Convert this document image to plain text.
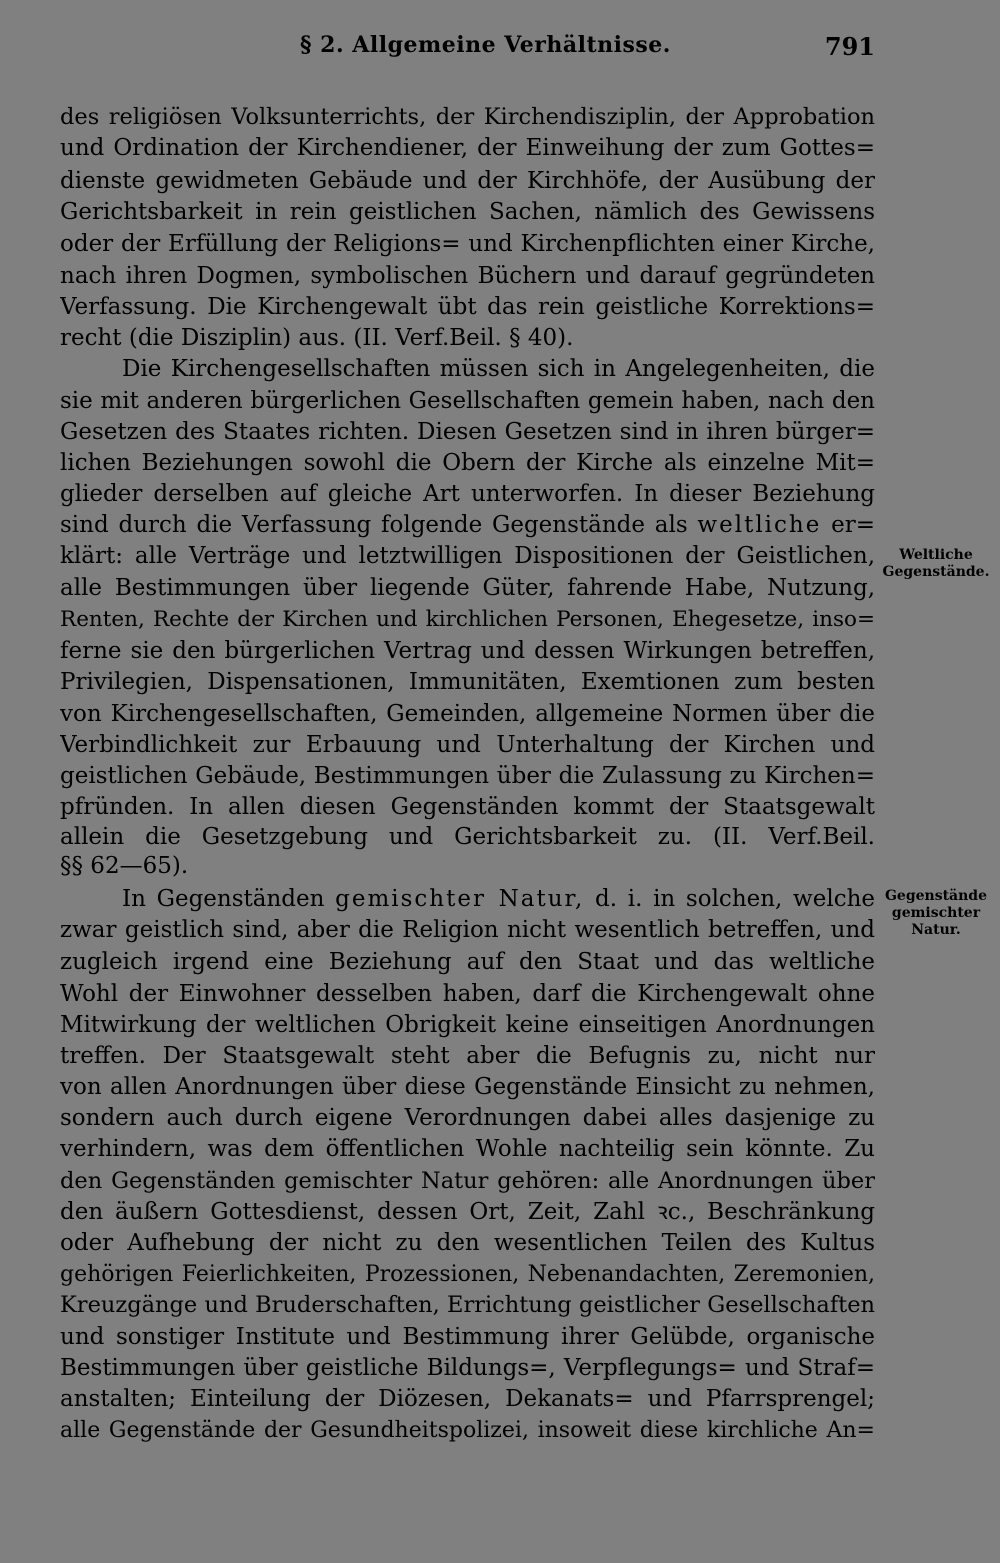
§ 2. Allgemeine Verhältnisse.	791
des religiösen Volksunterrichts, der Kirchendisziplin, der Approbation
und Ordination der Kirchendiener, der Einweihung der zum Gottes=
dienste gewidmeten Gebäude und der Kirchhöfe, der Ausübung der
Gerichtsbarkeit in rein geistlichen Sachen, nämlich des Gewissens
oder der Erfüllung der Religions= und Kirchenpflichten einer Kirche,
nach ihren Dogmen, symbolischen Büchern und darauf gegründeten
Verfassung. Die Kirchengewalt übt das rein geistliche Korrektions=
recht (die Disziplin) aus. (II. Verf.Beil. § 40).
Die Kirchengesellschaften müssen sich in Angelegenheiten, die
sie mit anderen bürgerlichen Gesellschaften gemein haben, nach den
Gesetzen des Staates richten. Diesen Gesetzen sind in ihren bürger=
lichen Beziehungen sowohl die Obern der Kirche als einzelne Mit=
glieder derselben auf gleiche Art unterworfen. In dieser Beziehung
sind durch die Verfassung folgende Gegenstände als weltliche er=
klärt: alle Verträge und letztwilligen Dispositionen der Geistlichen,
alle Bestimmungen über liegende Güter, fahrende Habe, Nutzung,
Renten, Rechte der Kirchen und kirchlichen Personen, Ehegesetze, inso=
ferne sie den bürgerlichen Vertrag und dessen Wirkungen betreffen,
Privilegien, Dispensationen, Immunitäten, Exemtionen zum besten
von Kirchengesellschaften, Gemeinden, allgemeine Normen über die
Verbindlichkeit zur Erbauung und Unterhaltung der Kirchen und
geistlichen Gebäude, Bestimmungen über die Zulassung zu Kirchen=
pfründen. In allen diesen Gegenständen kommt der Staatsgewalt
allein die Gesetzgebung und Gerichtsbarkeit zu. (II. Verf.Beil.
§§ 62—65).
In Gegenständen gemischter Natur, d. i. in solchen, welche
zwar geistlich sind, aber die Religion nicht wesentlich betreffen, und
zugleich irgend eine Beziehung auf den Staat und das weltliche
Wohl der Einwohner desselben haben, darf die Kirchengewalt ohne
Mitwirkung der weltlichen Obrigkeit keine einseitigen Anordnungen
treffen. Der Staatsgewalt steht aber die Befugnis zu, nicht nur
von allen Anordnungen über diese Gegenstände Einsicht zu nehmen,
sondern auch durch eigene Verordnungen dabei alles dasjenige zu
verhindern, was dem öffentlichen Wohle nachteilig sein könnte. Zu
den Gegenständen gemischter Natur gehören: alle Anordnungen über
den äußern Gottesdienst, dessen Ort, Zeit, Zahl ꝛc., Beschränkung
oder Aufhebung der nicht zu den wesentlichen Teilen des Kultus
gehörigen Feierlichkeiten, Prozessionen, Nebenandachten, Zeremonien,
Kreuzgänge und Bruderschaften, Errichtung geistlicher Gesellschaften
und sonstiger Institute und Bestimmung ihrer Gelübde, organische
Bestimmungen über geistliche Bildungs=, Verpflegungs= und Straf=
anstalten; Einteilung der Diözesen, Dekanats= und Pfarrsprengel;
alle Gegenstände der Gesundheitspolizei, insoweit diese kirchliche An=
Weltliche
Gegenstände.
Gegenstände
gemischter
Natur.
